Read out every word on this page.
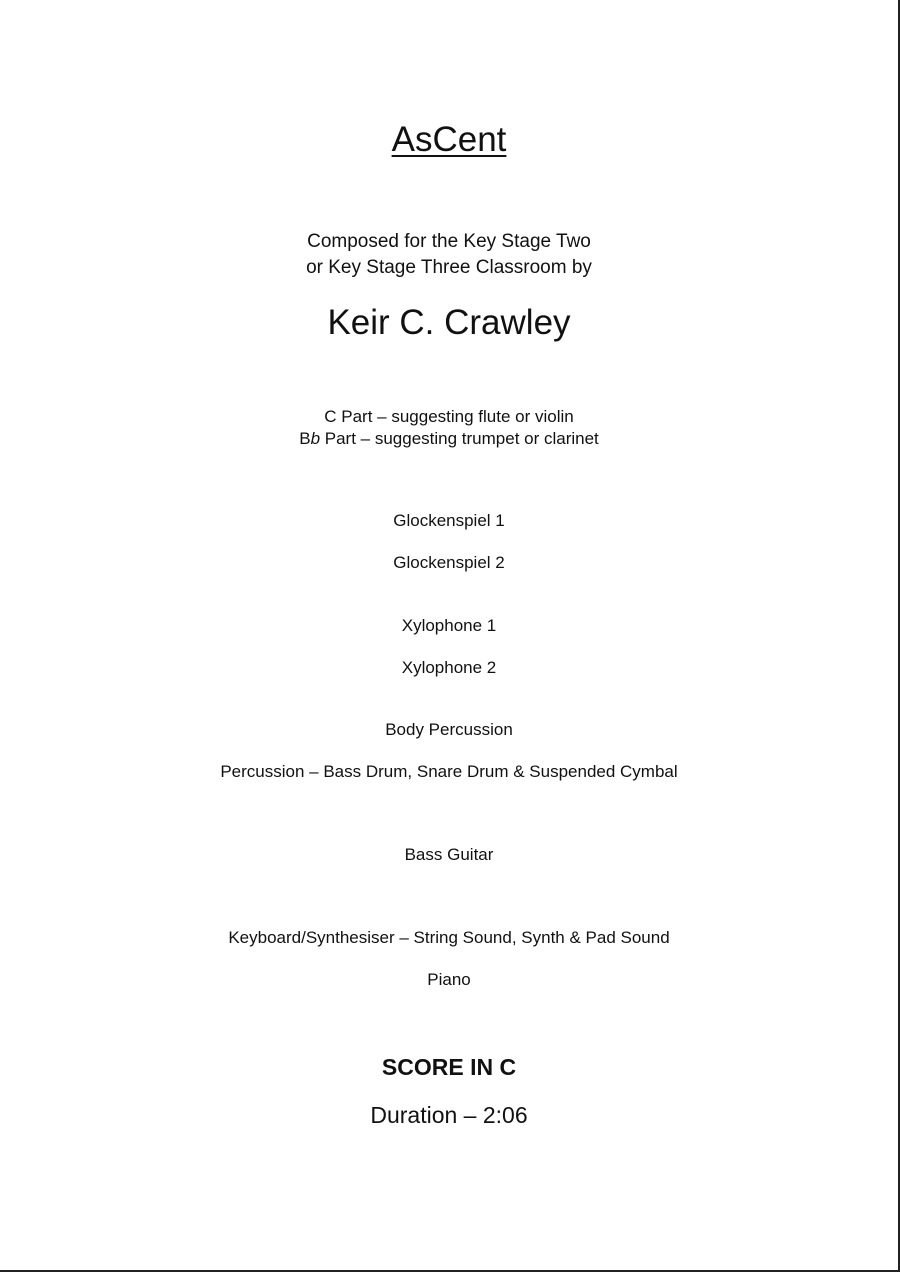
AsCent
Composed for the Key Stage Two
or Key Stage Three Classroom by
Keir C. Crawley
C Part – suggesting flute or violin
Bb Part – suggesting trumpet or clarinet
Glockenspiel 1
Glockenspiel 2
Xylophone 1
Xylophone 2
Body Percussion
Percussion – Bass Drum, Snare Drum & Suspended Cymbal
Bass Guitar
Keyboard/Synthesiser – String Sound, Synth & Pad Sound
Piano
SCORE IN C
Duration – 2:06
